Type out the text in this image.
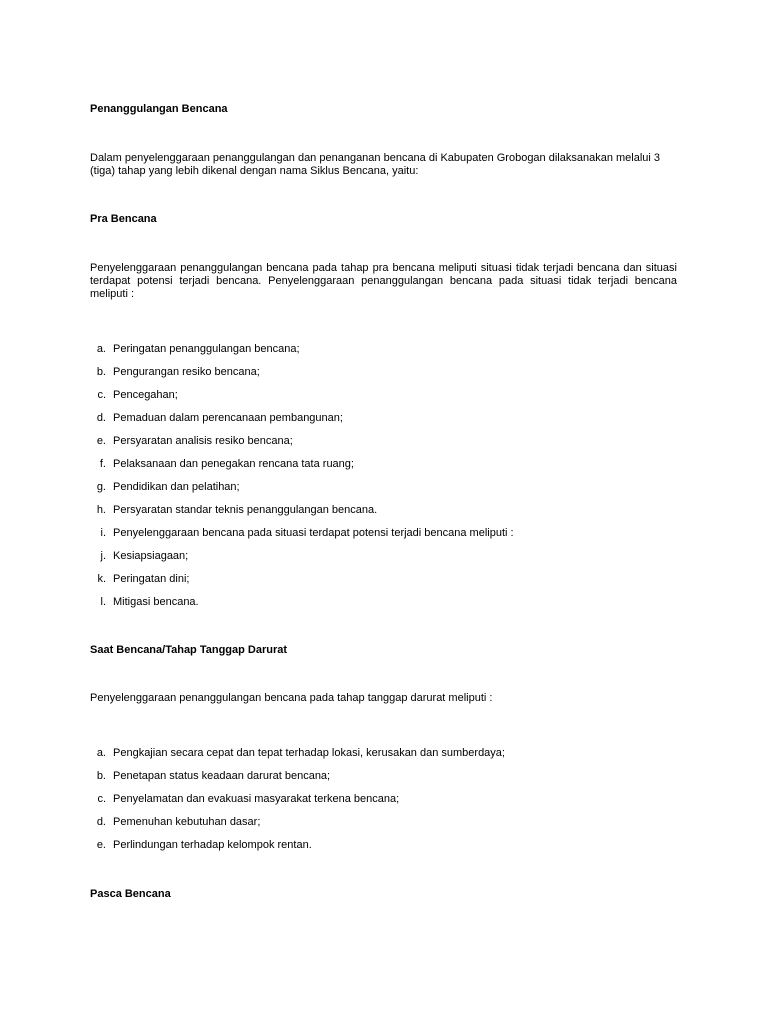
Penanggulangan Bencana
Dalam penyelenggaraan penanggulangan dan penanganan bencana di Kabupaten Grobogan dilaksanakan melalui 3 (tiga) tahap yang lebih dikenal dengan nama Siklus Bencana, yaitu:
Pra Bencana
Penyelenggaraan penanggulangan bencana pada tahap pra bencana meliputi situasi tidak terjadi bencana dan situasi terdapat potensi terjadi bencana. Penyelenggaraan penanggulangan bencana pada situasi tidak terjadi bencana meliputi :
a. Peringatan penanggulangan bencana;
b. Pengurangan resiko bencana;
c. Pencegahan;
d. Pemaduan dalam perencanaan pembangunan;
e. Persyaratan analisis resiko bencana;
f. Pelaksanaan dan penegakan rencana tata ruang;
g. Pendidikan dan pelatihan;
h. Persyaratan standar teknis penanggulangan bencana.
i. Penyelenggaraan bencana pada situasi terdapat potensi terjadi bencana meliputi :
j. Kesiapsiagaan;
k. Peringatan dini;
l. Mitigasi bencana.
Saat Bencana/Tahap Tanggap Darurat
Penyelenggaraan penanggulangan bencana pada tahap tanggap darurat meliputi :
a. Pengkajian secara cepat dan tepat terhadap lokasi, kerusakan dan sumberdaya;
b. Penetapan status keadaan darurat bencana;
c. Penyelamatan dan evakuasi masyarakat terkena bencana;
d. Pemenuhan kebutuhan dasar;
e. Perlindungan terhadap kelompok rentan.
Pasca Bencana
